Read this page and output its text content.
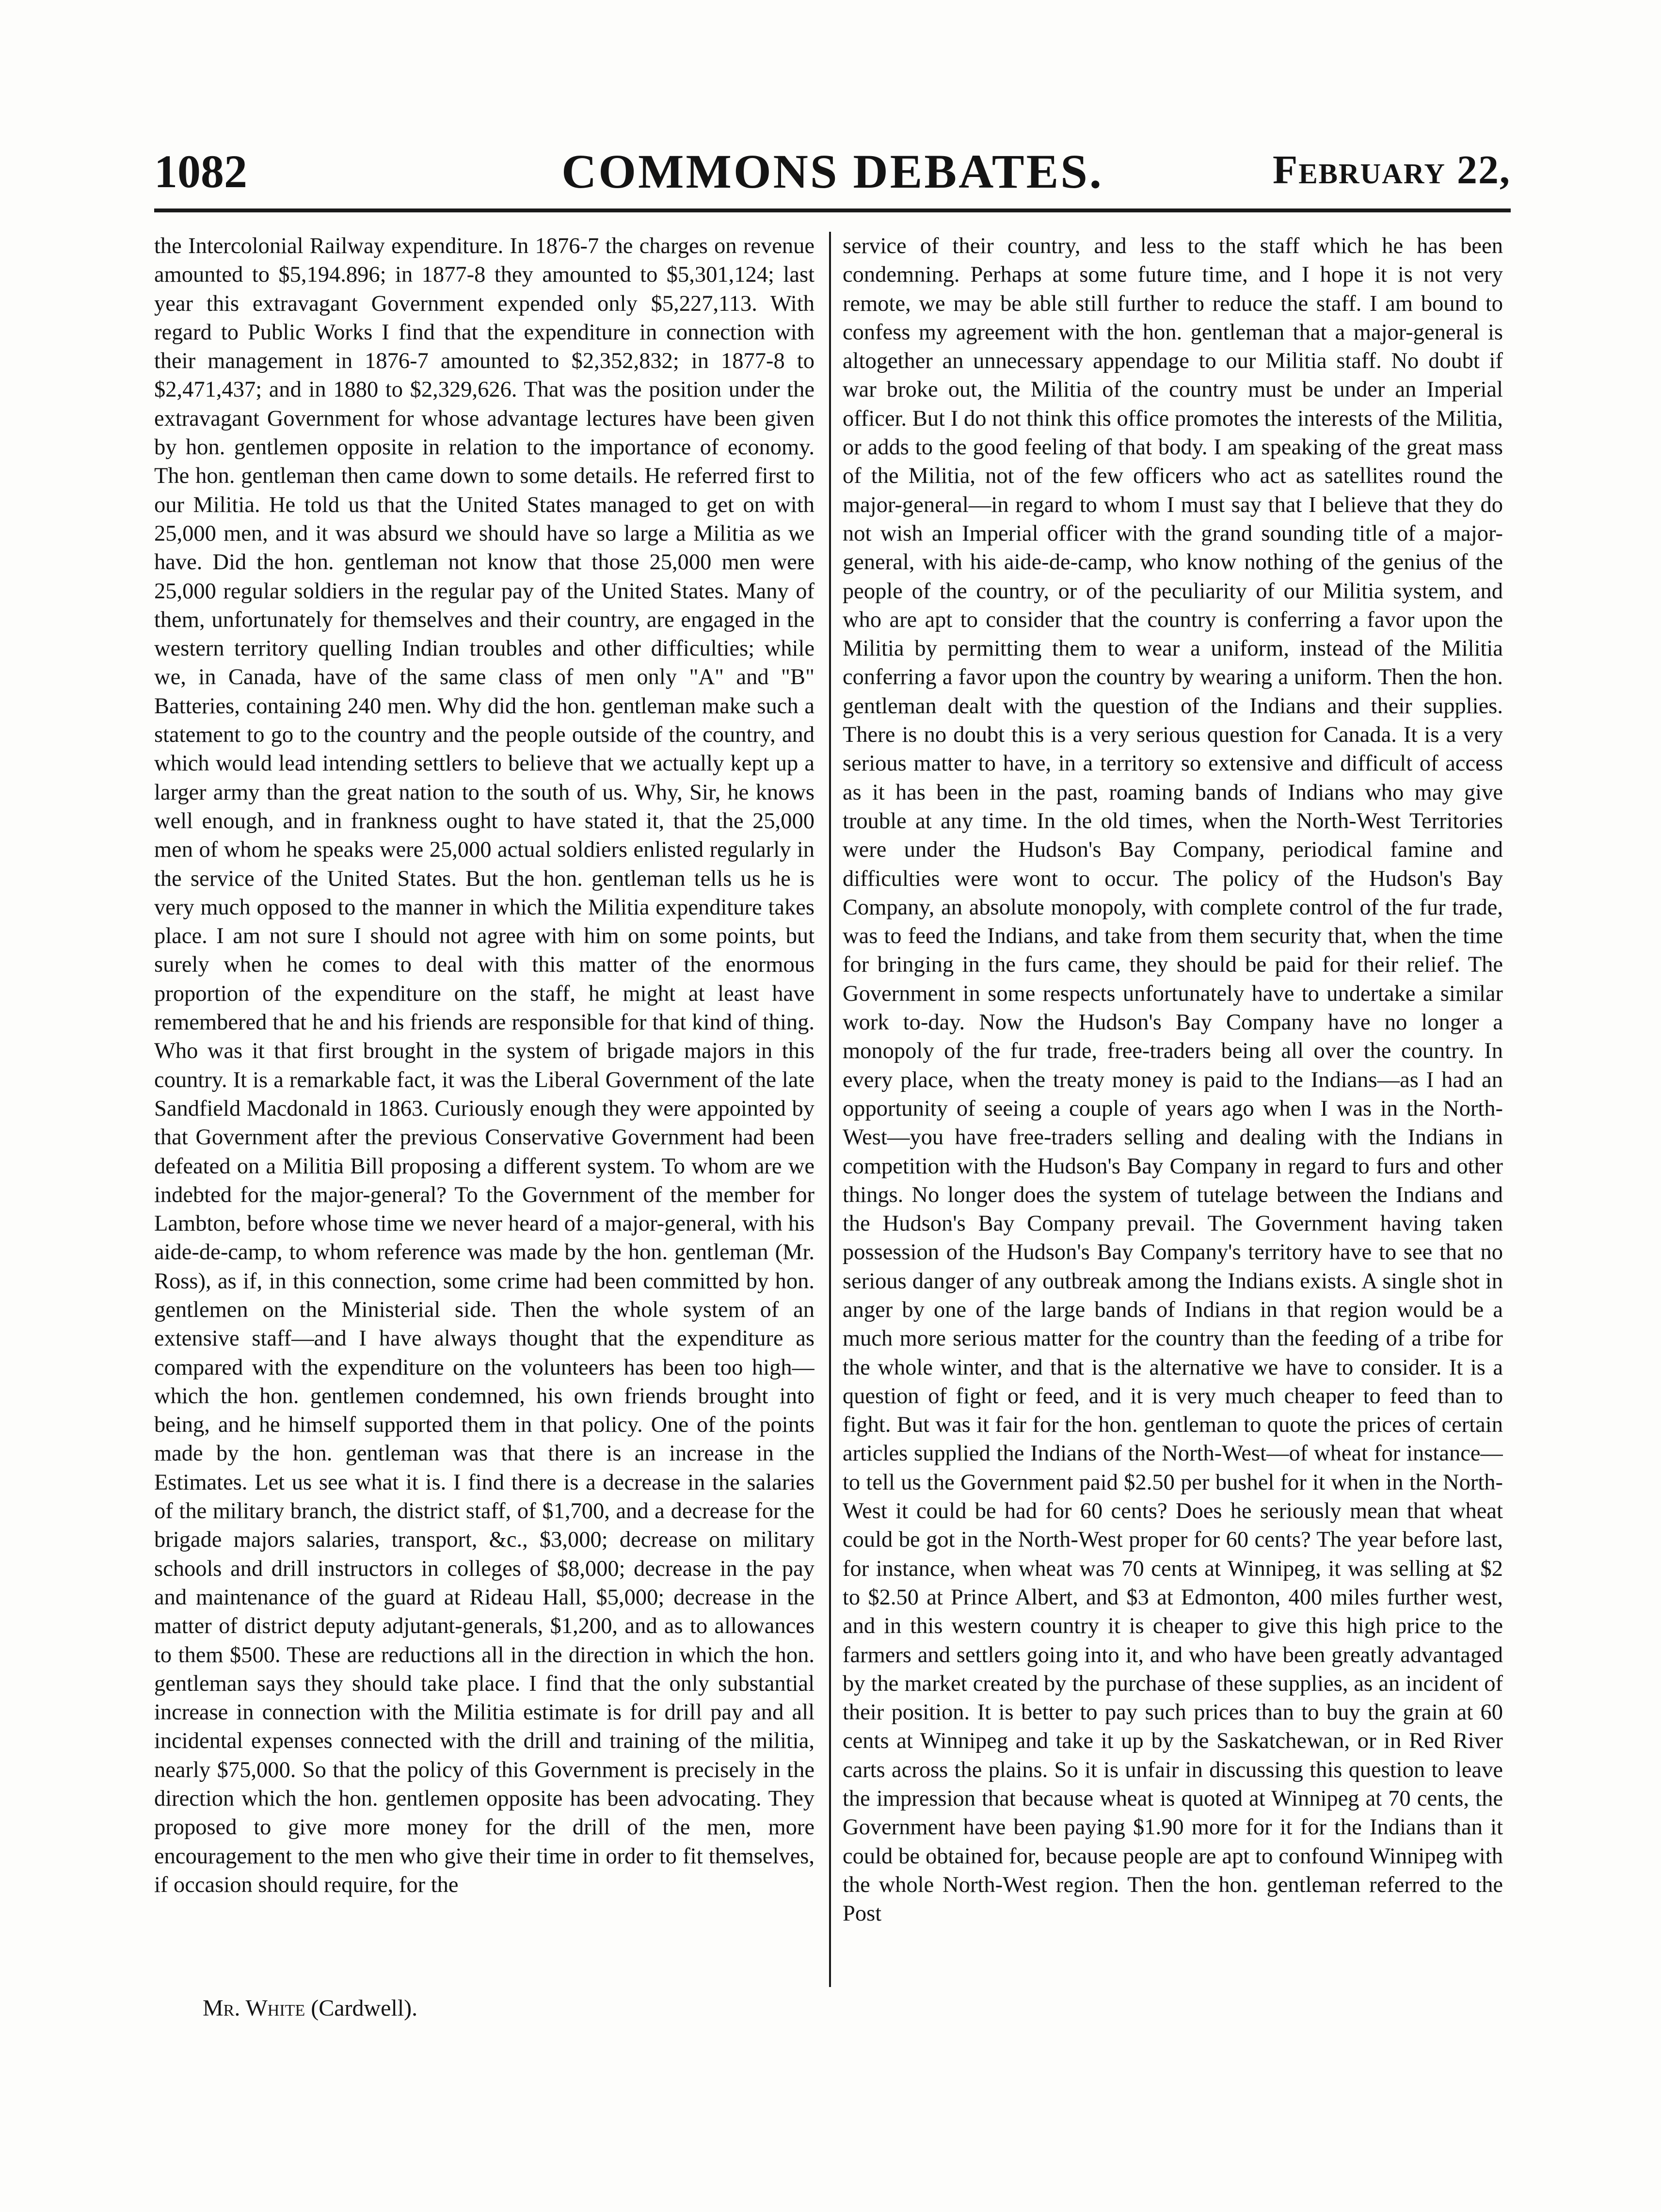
1082	COMMONS DEBATES.	February 22,

the Intercolonial Railway expenditure. In 1876-7 the charges on revenue amounted to $5,194.896; in 1877-8 they amounted to $5,301,124; last year this extravagant Government expended only $5,227,113. With regard to Public Works I find that the expenditure in connection with their management in 1876-7 amounted to $2,352,832; in 1877-8 to $2,471,437; and in 1880 to $2,329,626. That was the position under the extravagant Government for whose advantage lectures have been given by hon. gentlemen opposite in relation to the importance of economy. The hon. gentleman then came down to some details. He referred first to our Militia. He told us that the United States managed to get on with 25,000 men, and it was absurd we should have so large a Militia as we have. Did the hon. gentleman not know that those 25,000 men were 25,000 regular soldiers in the regular pay of the United States. Many of them, unfortunately for themselves and their country, are engaged in the western territory quelling Indian troubles and other difficulties; while we, in Canada, have of the same class of men only "A" and "B" Batteries, containing 240 men. Why did the hon. gentleman make such a statement to go to the country and the people outside of the country, and which would lead intending settlers to believe that we actually kept up a larger army than the great nation to the south of us. Why, Sir, he knows well enough, and in frankness ought to have stated it, that the 25,000 men of whom he speaks were 25,000 actual soldiers enlisted regularly in the service of the United States. But the hon. gentleman tells us he is very much opposed to the manner in which the Militia expenditure takes place. I am not sure I should not agree with him on some points, but surely when he comes to deal with this matter of the enormous proportion of the expenditure on the staff, he might at least have remembered that he and his friends are responsible for that kind of thing. Who was it that first brought in the system of brigade majors in this country. It is a remarkable fact, it was the Liberal Government of the late Sandfield Macdonald in 1863. Curiously enough they were appointed by that Government after the previous Conservative Government had been defeated on a Militia Bill proposing a different system. To whom are we indebted for the major-general? To the Government of the member for Lambton, before whose time we never heard of a major-general, with his aide-de-camp, to whom reference was made by the hon. gentleman (Mr. Ross), as if, in this connection, some crime had been committed by hon. gentlemen on the Ministerial side. Then the whole system of an extensive staff—and I have always thought that the expenditure as compared with the expenditure on the volunteers has been too high—which the hon. gentlemen condemned, his own friends brought into being, and he himself supported them in that policy. One of the points made by the hon. gentleman was that there is an increase in the Estimates. Let us see what it is. I find there is a decrease in the salaries of the military branch, the district staff, of $1,700, and a decrease for the brigade majors salaries, transport, &c., $3,000; decrease on military schools and drill instructors in colleges of $8,000; decrease in the pay and maintenance of the guard at Rideau Hall, $5,000; decrease in the matter of district deputy adjutant-generals, $1,200, and as to allowances to them $500. These are reductions all in the direction in which the hon. gentleman says they should take place. I find that the only substantial increase in connection with the Militia estimate is for drill pay and all incidental expenses connected with the drill and training of the militia, nearly $75,000. So that the policy of this Government is precisely in the direction which the hon. gentlemen opposite has been advocating. They proposed to give more money for the drill of the men, more encouragement to the men who give their time in order to fit themselves, if occasion should require, for the

service of their country, and less to the staff which he has been condemning. Perhaps at some future time, and I hope it is not very remote, we may be able still further to reduce the staff. I am bound to confess my agreement with the hon. gentleman that a major-general is altogether an unnecessary appendage to our Militia staff. No doubt if war broke out, the Militia of the country must be under an Imperial officer. But I do not think this office promotes the interests of the Militia, or adds to the good feeling of that body. I am speaking of the great mass of the Militia, not of the few officers who act as satellites round the major-general—in regard to whom I must say that I believe that they do not wish an Imperial officer with the grand sounding title of a major-general, with his aide-de-camp, who know nothing of the genius of the people of the country, or of the peculiarity of our Militia system, and who are apt to consider that the country is conferring a favor upon the Militia by permitting them to wear a uniform, instead of the Militia conferring a favor upon the country by wearing a uniform. Then the hon. gentleman dealt with the question of the Indians and their supplies. There is no doubt this is a very serious question for Canada. It is a very serious matter to have, in a territory so extensive and difficult of access as it has been in the past, roaming bands of Indians who may give trouble at any time. In the old times, when the North-West Territories were under the Hudson's Bay Company, periodical famine and difficulties were wont to occur. The policy of the Hudson's Bay Company, an absolute monopoly, with complete control of the fur trade, was to feed the Indians, and take from them security that, when the time for bringing in the furs came, they should be paid for their relief. The Government in some respects unfortunately have to undertake a similar work to-day. Now the Hudson's Bay Company have no longer a monopoly of the fur trade, free-traders being all over the country. In every place, when the treaty money is paid to the Indians—as I had an opportunity of seeing a couple of years ago when I was in the North-West—you have free-traders selling and dealing with the Indians in competition with the Hudson's Bay Company in regard to furs and other things. No longer does the system of tutelage between the Indians and the Hudson's Bay Company prevail. The Government having taken possession of the Hudson's Bay Company's territory have to see that no serious danger of any outbreak among the Indians exists. A single shot in anger by one of the large bands of Indians in that region would be a much more serious matter for the country than the feeding of a tribe for the whole winter, and that is the alternative we have to consider. It is a question of fight or feed, and it is very much cheaper to feed than to fight. But was it fair for the hon. gentleman to quote the prices of certain articles supplied the Indians of the North-West—of wheat for instance—to tell us the Government paid $2.50 per bushel for it when in the North-West it could be had for 60 cents? Does he seriously mean that wheat could be got in the North-West proper for 60 cents? The year before last, for instance, when wheat was 70 cents at Winnipeg, it was selling at $2 to $2.50 at Prince Albert, and $3 at Edmonton, 400 miles further west, and in this western country it is cheaper to give this high price to the farmers and settlers going into it, and who have been greatly advantaged by the market created by the purchase of these supplies, as an incident of their position. It is better to pay such prices than to buy the grain at 60 cents at Winnipeg and take it up by the Saskatchewan, or in Red River carts across the plains. So it is unfair in discussing this question to leave the impression that because wheat is quoted at Winnipeg at 70 cents, the Government have been paying $1.90 more for it for the Indians than it could be obtained for, because people are apt to confound Winnipeg with the whole North-West region. Then the hon. gentleman referred to the Post

Mr. White (Cardwell).
